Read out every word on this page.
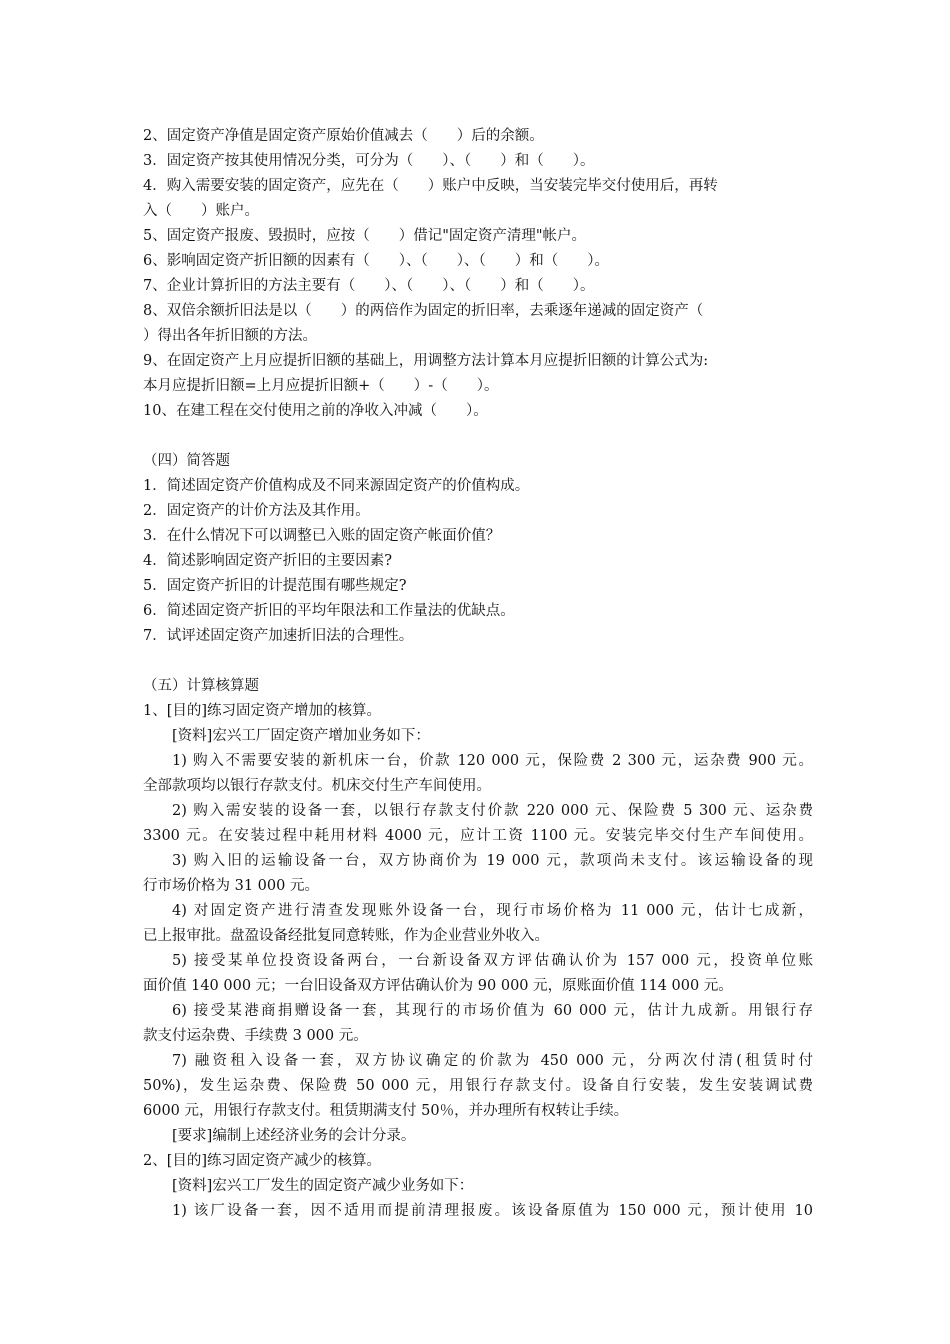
2、固定资产净值是固定资产原始价值减去（　　）后的余额。

3．固定资产按其使用情况分类，可分为（　　）、（　　）和（　　）。

4．购入需要安装的固定资产，应先在（　　）账户中反映，当安装完毕交付使用后，再转

入（　　）账户。

5、固定资产报废、毁损时，应按（　　）借记"固定资产清理"帐户。

6、影响固定资产折旧额的因素有（　　）、（　　）、（　　）和（　　）。

7、企业计算折旧的方法主要有（　　）、（　　）、（　　）和（　　）。

8、双倍余额折旧法是以（　　）的两倍作为固定的折旧率，去乘逐年递减的固定资产（

）得出各年折旧额的方法。

9、在固定资产上月应提折旧额的基础上，用调整方法计算本月应提折旧额的计算公式为:

本月应提折旧额=上月应提折旧额+（　　）-（　　）。

10、在建工程在交付使用之前的净收入冲减（　　）。

（四）简答题

1．简述固定资产价值构成及不同来源固定资产的价值构成。

2．固定资产的计价方法及其作用。

3．在什么情况下可以调整已入账的固定资产帐面价值？

4．简述影响固定资产折旧的主要因素?

5．固定资产折旧的计提范围有哪些规定?

6．简述固定资产折旧的平均年限法和工作量法的优缺点。

7．试评述固定资产加速折旧法的合理性。

（五）计算核算题

1、[目的]练习固定资产增加的核算。

[资料]宏兴工厂固定资产增加业务如下：

1) 购入不需要安装的新机床一台，价款 120 000 元，保险费 2 300 元，运杂费 900 元。

全部款项均以银行存款支付。机床交付生产车间使用。

2) 购入需安装的设备一套，以银行存款支付价款 220 000 元、保险费 5 300 元、运杂费

3300 元。在安装过程中耗用材料 4000 元，应计工资 1100 元。安装完毕交付生产车间使用。

3) 购入旧的运输设备一台，双方协商价为 19 000 元，款项尚未支付。该运输设备的现

行市场价格为 31 000 元。

4) 对固定资产进行清查发现账外设备一台，现行市场价格为 11 000 元，估计七成新，

已上报审批。盘盈设备经批复同意转账，作为企业营业外收入。

5) 接受某单位投资设备两台，一台新设备双方评估确认价为 157 000 元，投资单位账

面价值 140 000 元；一台旧设备双方评估确认价为 90 000 元，原账面价值 114 000 元。

6) 接受某港商捐赠设备一套，其现行的市场价值为 60 000 元，估计九成新。用银行存

款支付运杂费、手续费 3 000 元。

7) 融资租入设备一套，双方协议确定的价款为 450 000 元，分两次付清(租赁时付

50%)，发生运杂费、保险费 50 000 元，用银行存款支付。设备自行安装，发生安装调试费

6000 元，用银行存款支付。租赁期满支付 50％，并办理所有权转让手续。

[要求]编制上述经济业务的会计分录。

2、[目的]练习固定资产减少的核算。

[资料]宏兴工厂发生的固定资产减少业务如下：

1) 该厂设备一套，因不适用而提前清理报废。该设备原值为 150 000 元，预计使用 10
